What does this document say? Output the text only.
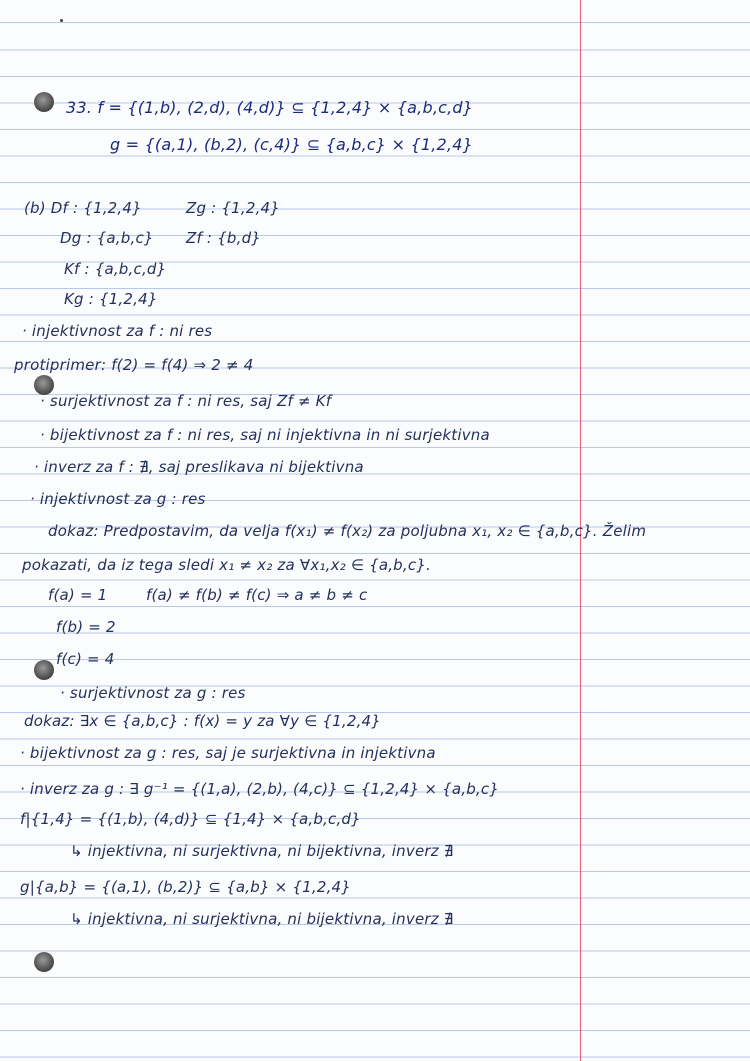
33. f = {(1,b), (2,d), (4,d)} ⊆ {1,2,4} × {a,b,c,d}
g = {(a,1), (b,2), (c,4)} ⊆ {a,b,c} × {1,2,4}
(b) Df : {1,2,4}	Zg : {1,2,4}
Dg : {a,b,c} Zf : {b,d}
Kf : {a,b,c,d}
Kg : {1,2,4}
· injektivnost za f : ni res
protiprimer: f(2) = f(4) ⇒ 2 ≠ 4
· surjektivnost za f : ni res, saj Zf ≠ Kf
· bijektivnost za f : ni res, saj ni injektivna in ni surjektivna
· inverz za f : ∄, saj preslikava ni bijektivna
· injektivnost za g : res
dokaz: Predpostavim, da velja f(x₁) ≠ f(x₂) za poljubna x₁, x₂ ∈ {a,b,c}. Želim
pokazati, da iz tega sledi x₁ ≠ x₂ za ∀x₁,x₂ ∈ {a,b,c}.
f(a) = 1	f(a) ≠ f(b) ≠ f(c) ⇒ a ≠ b ≠ c
f(b) = 2
f(c) = 4
· surjektivnost za g : res
dokaz: ∃x ∈ {a,b,c} : f(x) = y za ∀y ∈ {1,2,4}
· bijektivnost za g : res, saj je surjektivna in injektivna
· inverz za g : ∃ g⁻¹ = {(1,a), (2,b), (4,c)} ⊆ {1,2,4} × {a,b,c}
f|{1,4} = {(1,b), (4,d)} ⊆ {1,4} × {a,b,c,d}
↳ injektivna, ni surjektivna, ni bijektivna, inverz ∄
g|{a,b} = {(a,1), (b,2)} ⊆ {a,b} × {1,2,4}
↳ injektivna, ni surjektivna, ni bijektivna, inverz ∄
